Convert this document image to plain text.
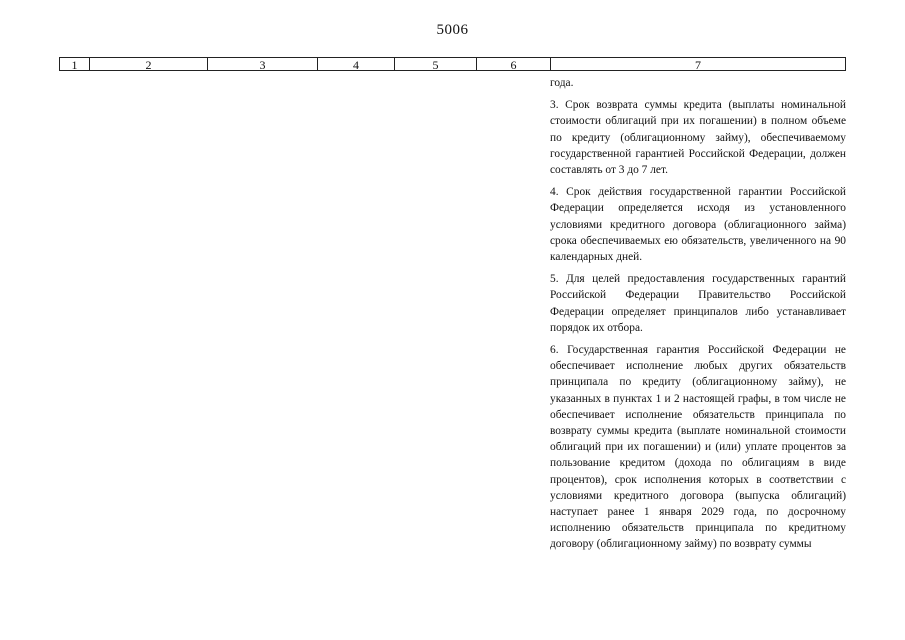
5006
1	2	3	4	5	6	7

года.

3. Срок возврата суммы кредита (выплаты номинальной стоимости облигаций при их погашении) в полном объеме по кредиту (облигационному займу), обеспечиваемому государственной гарантией Российской Федерации, должен составлять от 3 до 7 лет.

4. Срок действия государственной гарантии Российской Федерации определяется исходя из установленного условиями кредитного договора (облигационного займа) срока обеспечиваемых ею обязательств, увеличенного на 90 календарных дней.

5. Для целей предоставления государственных гарантий Российской Федерации Правительство Российской Федерации определяет принципалов либо устанавливает порядок их отбора.

6. Государственная гарантия Российской Федерации не обеспечивает исполнение любых других обязательств принципала по кредиту (облигационному займу), не указанных в пунктах 1 и 2 настоящей графы, в том числе не обеспечивает исполнение обязательств принципала по возврату суммы кредита (выплате номинальной стоимости облигаций при их погашении) и (или) уплате процентов за пользование кредитом (дохода по облигациям в виде процентов), срок исполнения которых в соответствии с условиями кредитного договора (выпуска облигаций) наступает ранее 1 января 2029 года, по досрочному исполнению обязательств принципала по кредитному договору (облигационному займу) по возврату суммы
